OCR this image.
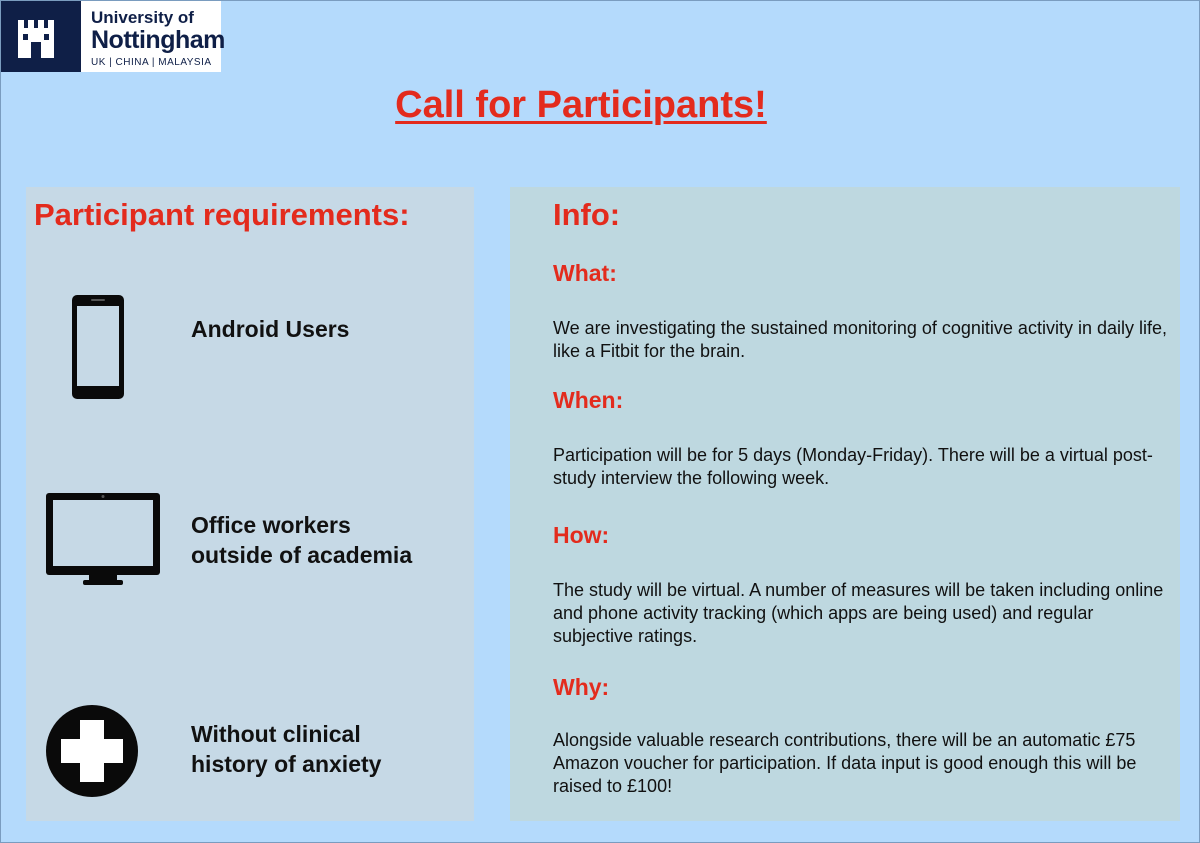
University of
Nottingham
UK | CHINA | MALAYSIA
Call for Participants!
Participant requirements:
Android Users
Office workers
outside of academia
Without clinical
history of anxiety
Info:
What:
We are investigating the sustained monitoring of cognitive activity in daily life, like a Fitbit for the brain.
When:
Participation will be for 5 days (Monday-Friday). There will be a virtual post-study interview the following week.
How:
The study will be virtual. A number of measures will be taken including online and phone activity tracking (which apps are being used) and regular subjective ratings.
Why:
Alongside valuable research contributions, there will be an automatic £75 Amazon voucher for participation. If data input is good enough this will be raised to £100!
